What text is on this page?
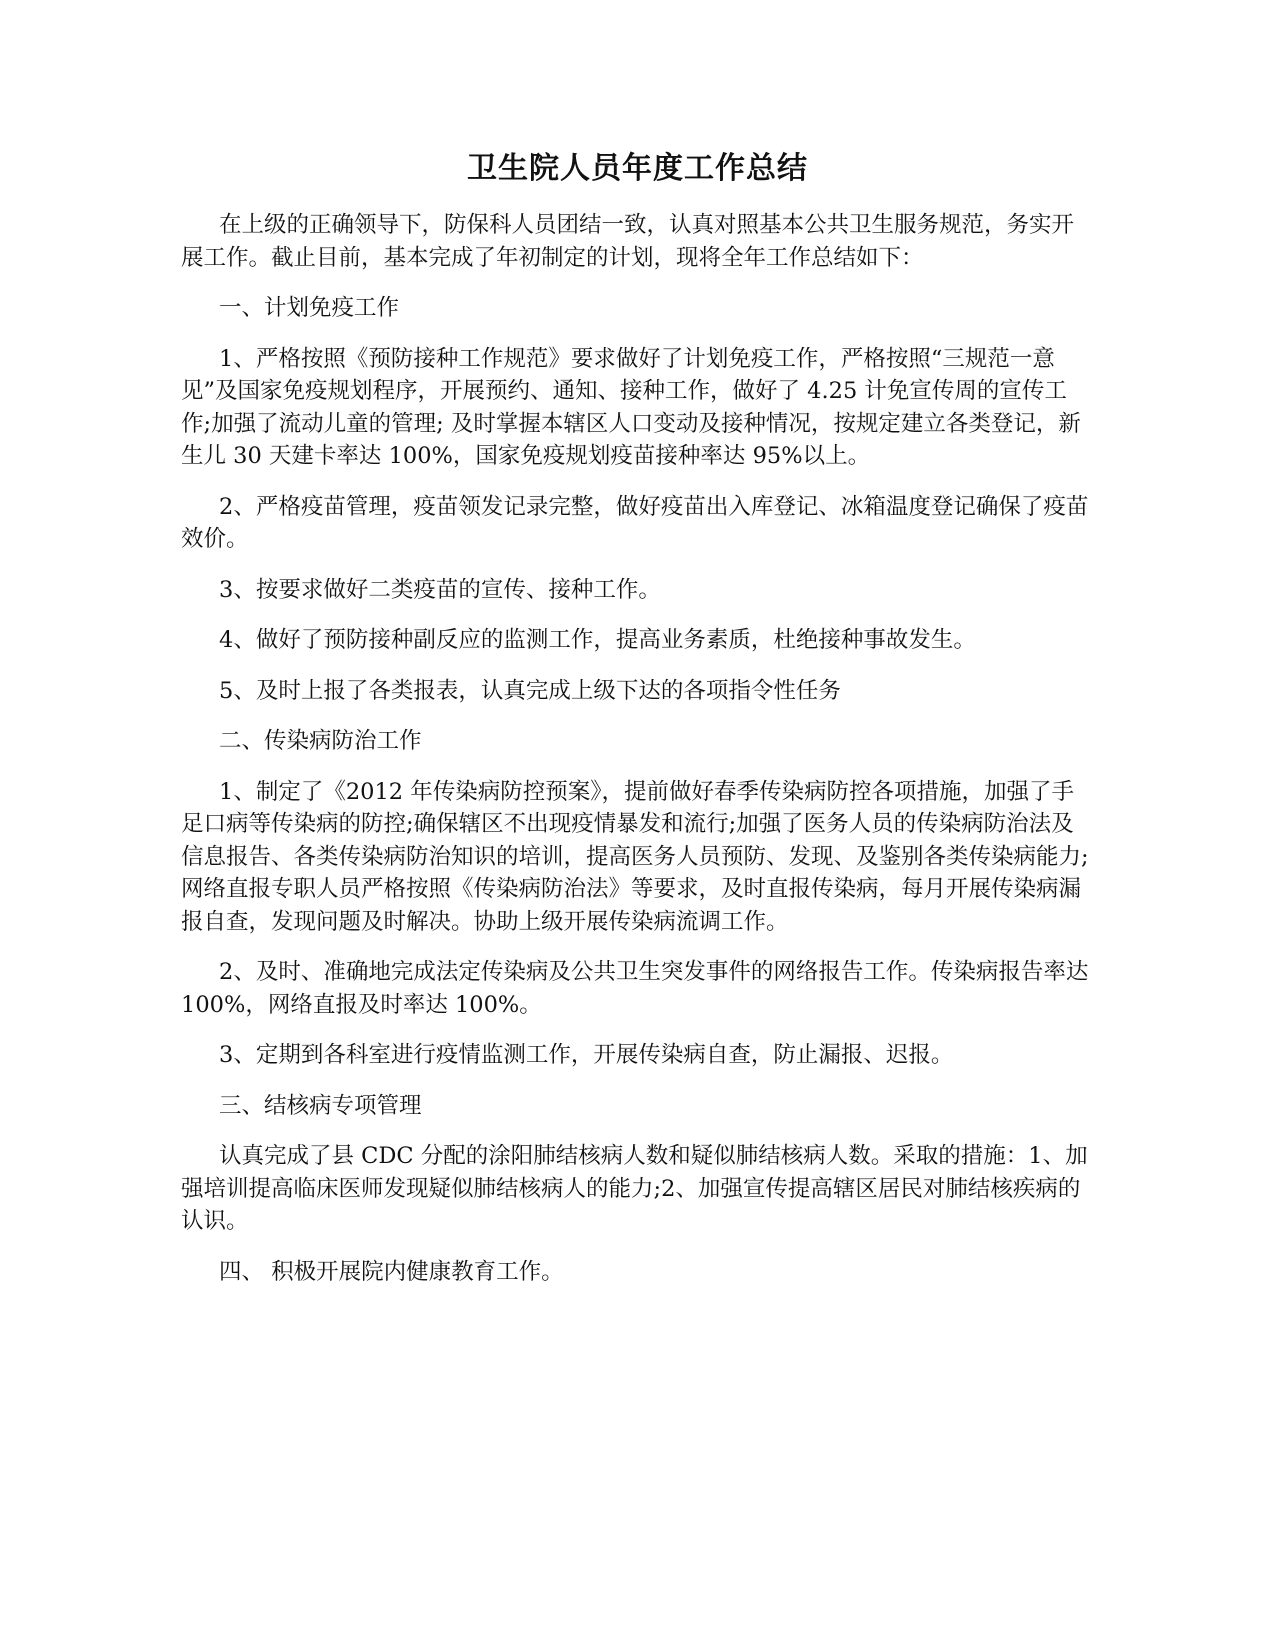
卫生院人员年度工作总结

在上级的正确领导下，防保科人员团结一致，认真对照基本公共卫生服务规范，务实开展工作。截止目前，基本完成了年初制定的计划，现将全年工作总结如下：

一、计划免疫工作

1、严格按照《预防接种工作规范》要求做好了计划免疫工作，严格按照“三规范一意见”及国家免疫规划程序，开展预约、通知、接种工作，做好了 4.25 计免宣传周的宣传工作;加强了流动儿童的管理; 及时掌握本辖区人口变动及接种情况，按规定建立各类登记，新生儿 30 天建卡率达 100%，国家免疫规划疫苗接种率达 95%以上。

2、严格疫苗管理，疫苗领发记录完整，做好疫苗出入库登记、冰箱温度登记确保了疫苗效价。

3、按要求做好二类疫苗的宣传、接种工作。

4、做好了预防接种副反应的监测工作，提高业务素质，杜绝接种事故发生。

5、及时上报了各类报表，认真完成上级下达的各项指令性任务

二、传染病防治工作

1、制定了《2012 年传染病防控预案》，提前做好春季传染病防控各项措施，加强了手足口病等传染病的防控;确保辖区不出现疫情暴发和流行;加强了医务人员的传染病防治法及信息报告、各类传染病防治知识的培训，提高医务人员预防、发现、及鉴别各类传染病能力;网络直报专职人员严格按照《传染病防治法》等要求，及时直报传染病，每月开展传染病漏报自查，发现问题及时解决。协助上级开展传染病流调工作。

2、及时、准确地完成法定传染病及公共卫生突发事件的网络报告工作。传染病报告率达 100%，网络直报及时率达 100%。

3、定期到各科室进行疫情监测工作，开展传染病自查，防止漏报、迟报。

三、结核病专项管理

认真完成了县 CDC 分配的涂阳肺结核病人数和疑似肺结核病人数。采取的措施：1、加强培训提高临床医师发现疑似肺结核病人的能力;2、加强宣传提高辖区居民对肺结核疾病的认识。

四、 积极开展院内健康教育工作。
